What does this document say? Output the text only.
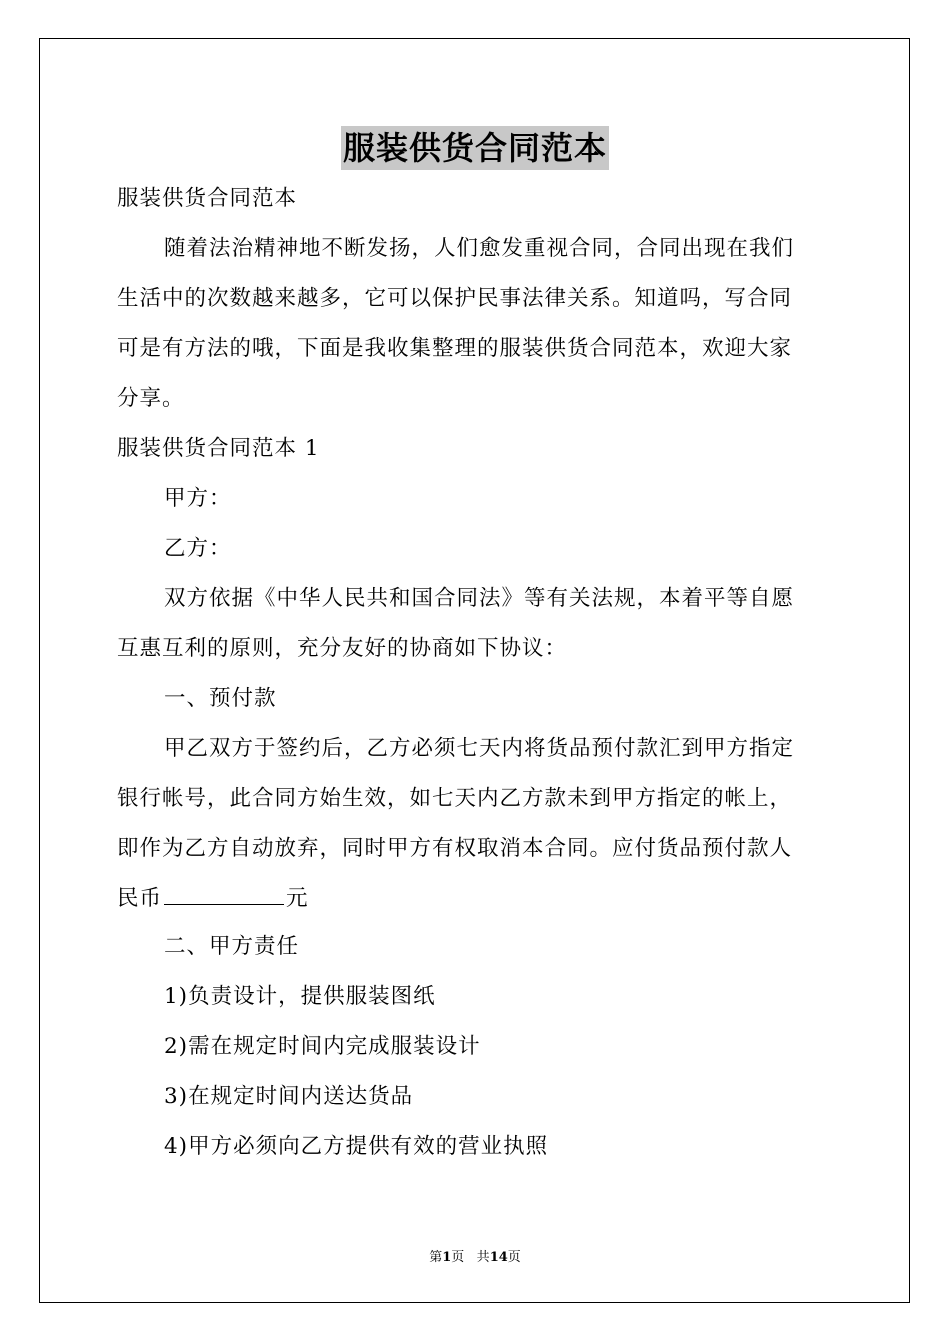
服装供货合同范本
服装供货合同范本
随着法治精神地不断发扬，人们愈发重视合同，合同出现在我们
生活中的次数越来越多，它可以保护民事法律关系。知道吗，写合同
可是有方法的哦，下面是我收集整理的服装供货合同范本，欢迎大家
分享。
服装供货合同范本 1
甲方：
乙方：
双方依据《中华人民共和国合同法》等有关法规，本着平等自愿
互惠互利的原则，充分友好的协商如下协议：
一、预付款
甲乙双方于签约后，乙方必须七天内将货品预付款汇到甲方指定
银行帐号，此合同方始生效，如七天内乙方款未到甲方指定的帐上，
即作为乙方自动放弃，同时甲方有权取消本合同。应付货品预付款人
民币	元
二、甲方责任
1)负责设计，提供服装图纸
2)需在规定时间内完成服装设计
3)在规定时间内送达货品
4)甲方必须向乙方提供有效的营业执照
第1页 共14页
